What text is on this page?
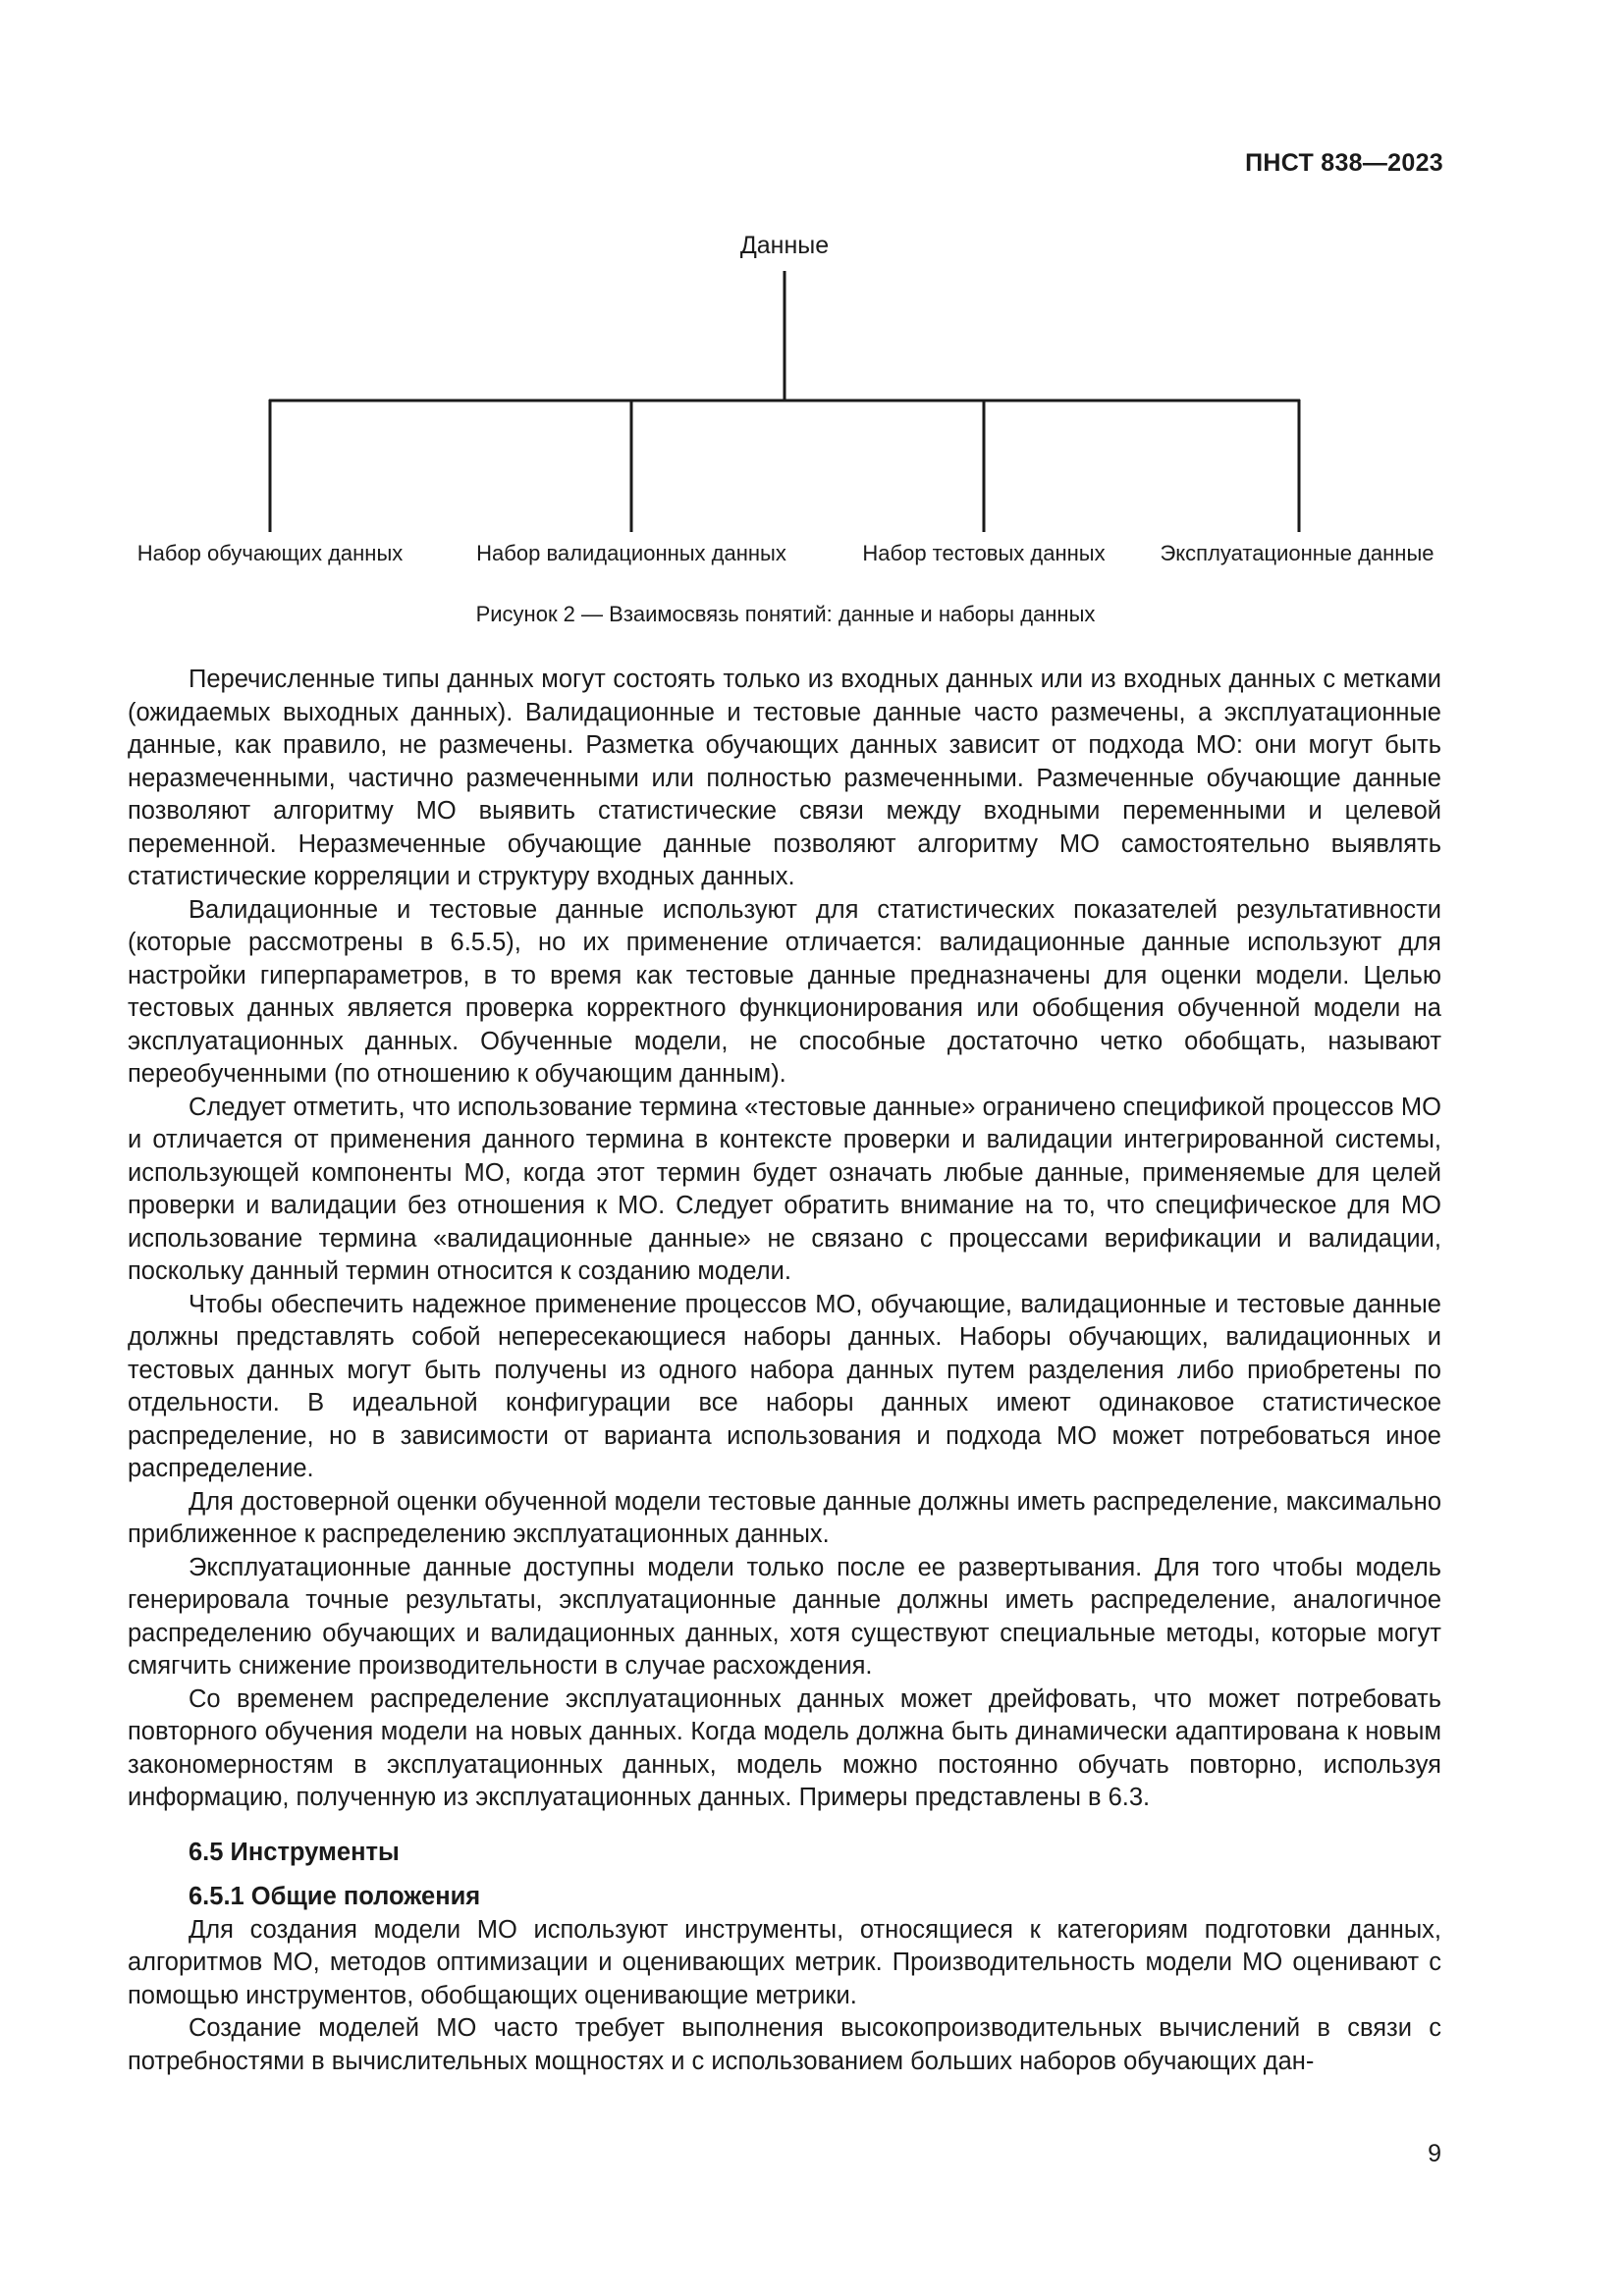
ПНСТ 838—2023
Данные
Набор обучающих данных	Набор валидационных данных	Набор тестовых данных	Эксплуатационные данные
Рисунок 2 — Взаимосвязь понятий: данные и наборы данных

Перечисленные типы данных могут состоять только из входных данных или из входных данных с метками (ожидаемых выходных данных). Валидационные и тестовые данные часто размечены, а эксплуатационные данные, как правило, не размечены. Разметка обучающих данных зависит от подхода МО: они могут быть неразмеченными, частично размеченными или полностью размеченными. Размеченные обучающие данные позволяют алгоритму МО выявить статистические связи между входными переменными и целевой переменной. Неразмеченные обучающие данные позволяют алгоритму МО самостоятельно выявлять статистические корреляции и структуру входных данных.

Валидационные и тестовые данные используют для статистических показателей результативности (которые рассмотрены в 6.5.5), но их применение отличается: валидационные данные используют для настройки гиперпараметров, в то время как тестовые данные предназначены для оценки модели. Целью тестовых данных является проверка корректного функционирования или обобщения обученной модели на эксплуатационных данных. Обученные модели, не способные достаточно четко обобщать, называют переобученными (по отношению к обучающим данным).

Следует отметить, что использование термина «тестовые данные» ограничено спецификой процессов МО и отличается от применения данного термина в контексте проверки и валидации интегрированной системы, использующей компоненты МО, когда этот термин будет означать любые данные, применяемые для целей проверки и валидации без отношения к МО. Следует обратить внимание на то, что специфическое для МО использование термина «валидационные данные» не связано с процессами верификации и валидации, поскольку данный термин относится к созданию модели.

Чтобы обеспечить надежное применение процессов МО, обучающие, валидационные и тестовые данные должны представлять собой непересекающиеся наборы данных. Наборы обучающих, валидационных и тестовых данных могут быть получены из одного набора данных путем разделения либо приобретены по отдельности. В идеальной конфигурации все наборы данных имеют одинаковое статистическое распределение, но в зависимости от варианта использования и подхода МО может потребоваться иное распределение.

Для достоверной оценки обученной модели тестовые данные должны иметь распределение, максимально приближенное к распределению эксплуатационных данных.

Эксплуатационные данные доступны модели только после ее развертывания. Для того чтобы модель генерировала точные результаты, эксплуатационные данные должны иметь распределение, аналогичное распределению обучающих и валидационных данных, хотя существуют специальные методы, которые могут смягчить снижение производительности в случае расхождения.

Со временем распределение эксплуатационных данных может дрейфовать, что может потребовать повторного обучения модели на новых данных. Когда модель должна быть динамически адаптирована к новым закономерностям в эксплуатационных данных, модель можно постоянно обучать повторно, используя информацию, полученную из эксплуатационных данных. Примеры представлены в 6.3.

6.5 Инструменты
6.5.1 Общие положения

Для создания модели МО используют инструменты, относящиеся к категориям подготовки данных, алгоритмов МО, методов оптимизации и оценивающих метрик. Производительность модели МО оценивают с помощью инструментов, обобщающих оценивающие метрики.

Создание моделей МО часто требует выполнения высокопроизводительных вычислений в связи с потребностями в вычислительных мощностях и с использованием больших наборов обучающих дан-

9
